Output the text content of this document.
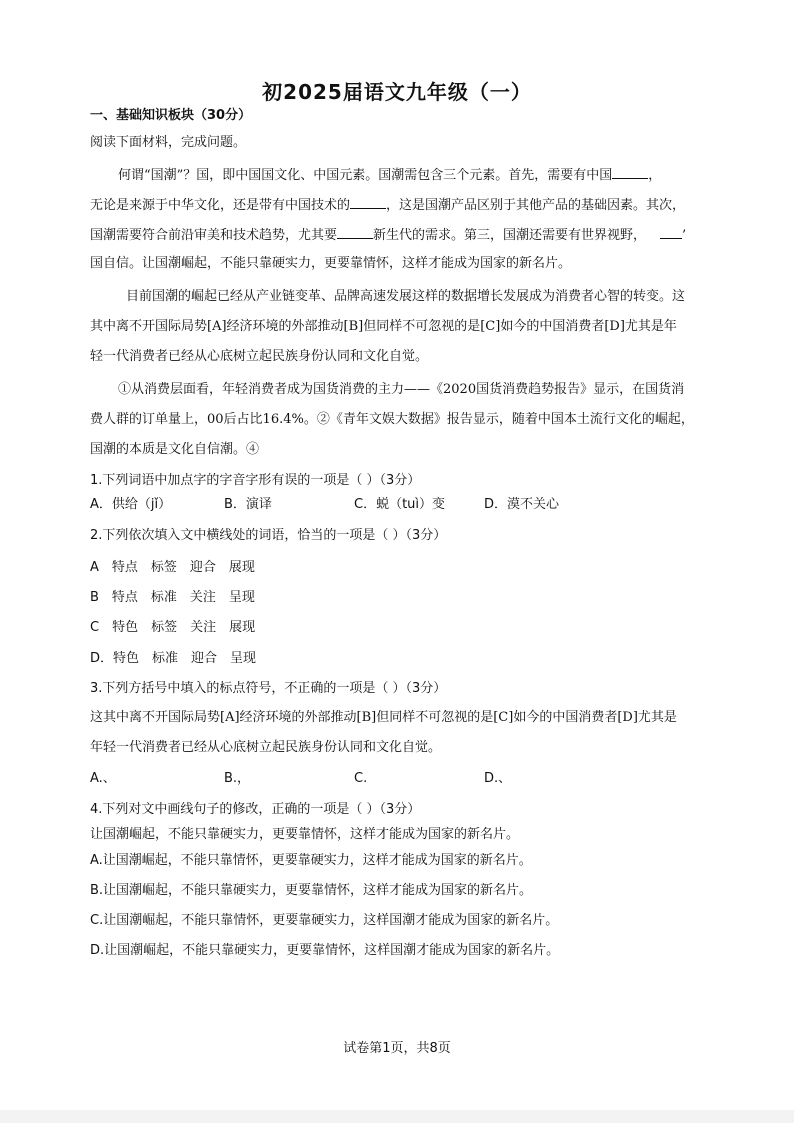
初2025届语文九年级（一）
一、基础知识板块（30分）
阅读下面材料，完成问题。
何谓“国潮”？国，即中国国文化、中国元素。国潮需包含三个元素。首先，需要有中国	，
无论是来源于中华文化，还是带有中国技术的	，这是国潮产品区别于其他产品的基础因素。其次，
国潮需要符合前沿审美和技术趋势，尤其要	新生代的需求。第三，国潮还需要有世界视野，	’
国自信。让国潮崛起，不能只靠硬实力，更要靠情怀，这样才能成为国家的新名片。
目前国潮的崛起已经从产业链变革、品牌高速发展这样的数据增长发展成为消费者心智的转变。这
其中离不开国际局势[A]经济环境的外部推动[B]但同样不可忽视的是[C]如今的中国消费者[D]尤其是年
轻一代消费者已经从心底树立起民族身份认同和文化自觉。
①从消费层面看，年轻消费者成为国货消费的主力——《2020国货消费趋势报告》显示，在国货消
费人群的订单量上，00后占比16.4%。②《青年文娱大数据》报告显示，随着中国本土流行文化的崛起，
国潮的本质是文化自信潮。④
1.下列词语中加点字的字音字形有误的一项是（ ）（3分）
A．供给（jǐ）	B．演译	C．蜕（tuì）变	D．漠不关心
2.下列依次填入文中横线处的词语，恰当的一项是（ ）（3分）
A　特点　标签　迎合　展现
B　特点　标准　关注　呈现
C　特色　标签　关注　展现
D．特色　标准　迎合　呈现
3.下列方括号中填入的标点符号，不正确的一项是（ ）（3分）
这其中离不开国际局势[A]经济环境的外部推动[B]但同样不可忽视的是[C]如今的中国消费者[D]尤其是
年轻一代消费者已经从心底树立起民族身份认同和文化自觉。
A.、	B.，	C.	D.、
4.下列对文中画线句子的修改，正确的一项是（ ）（3分）
让国潮崛起，不能只靠硬实力，更要靠情怀，这样才能成为国家的新名片。
A.让国潮崛起，不能只靠情怀，更要靠硬实力，这样才能成为国家的新名片。
B.让国潮崛起，不能只靠硬实力，更要靠情怀，这样才能成为国家的新名片。
C.让国潮崛起，不能只靠情怀，更要靠硬实力，这样国潮才能成为国家的新名片。
D.让国潮崛起，不能只靠硬实力，更要靠情怀，这样国潮才能成为国家的新名片。
试卷第1页，共8页
